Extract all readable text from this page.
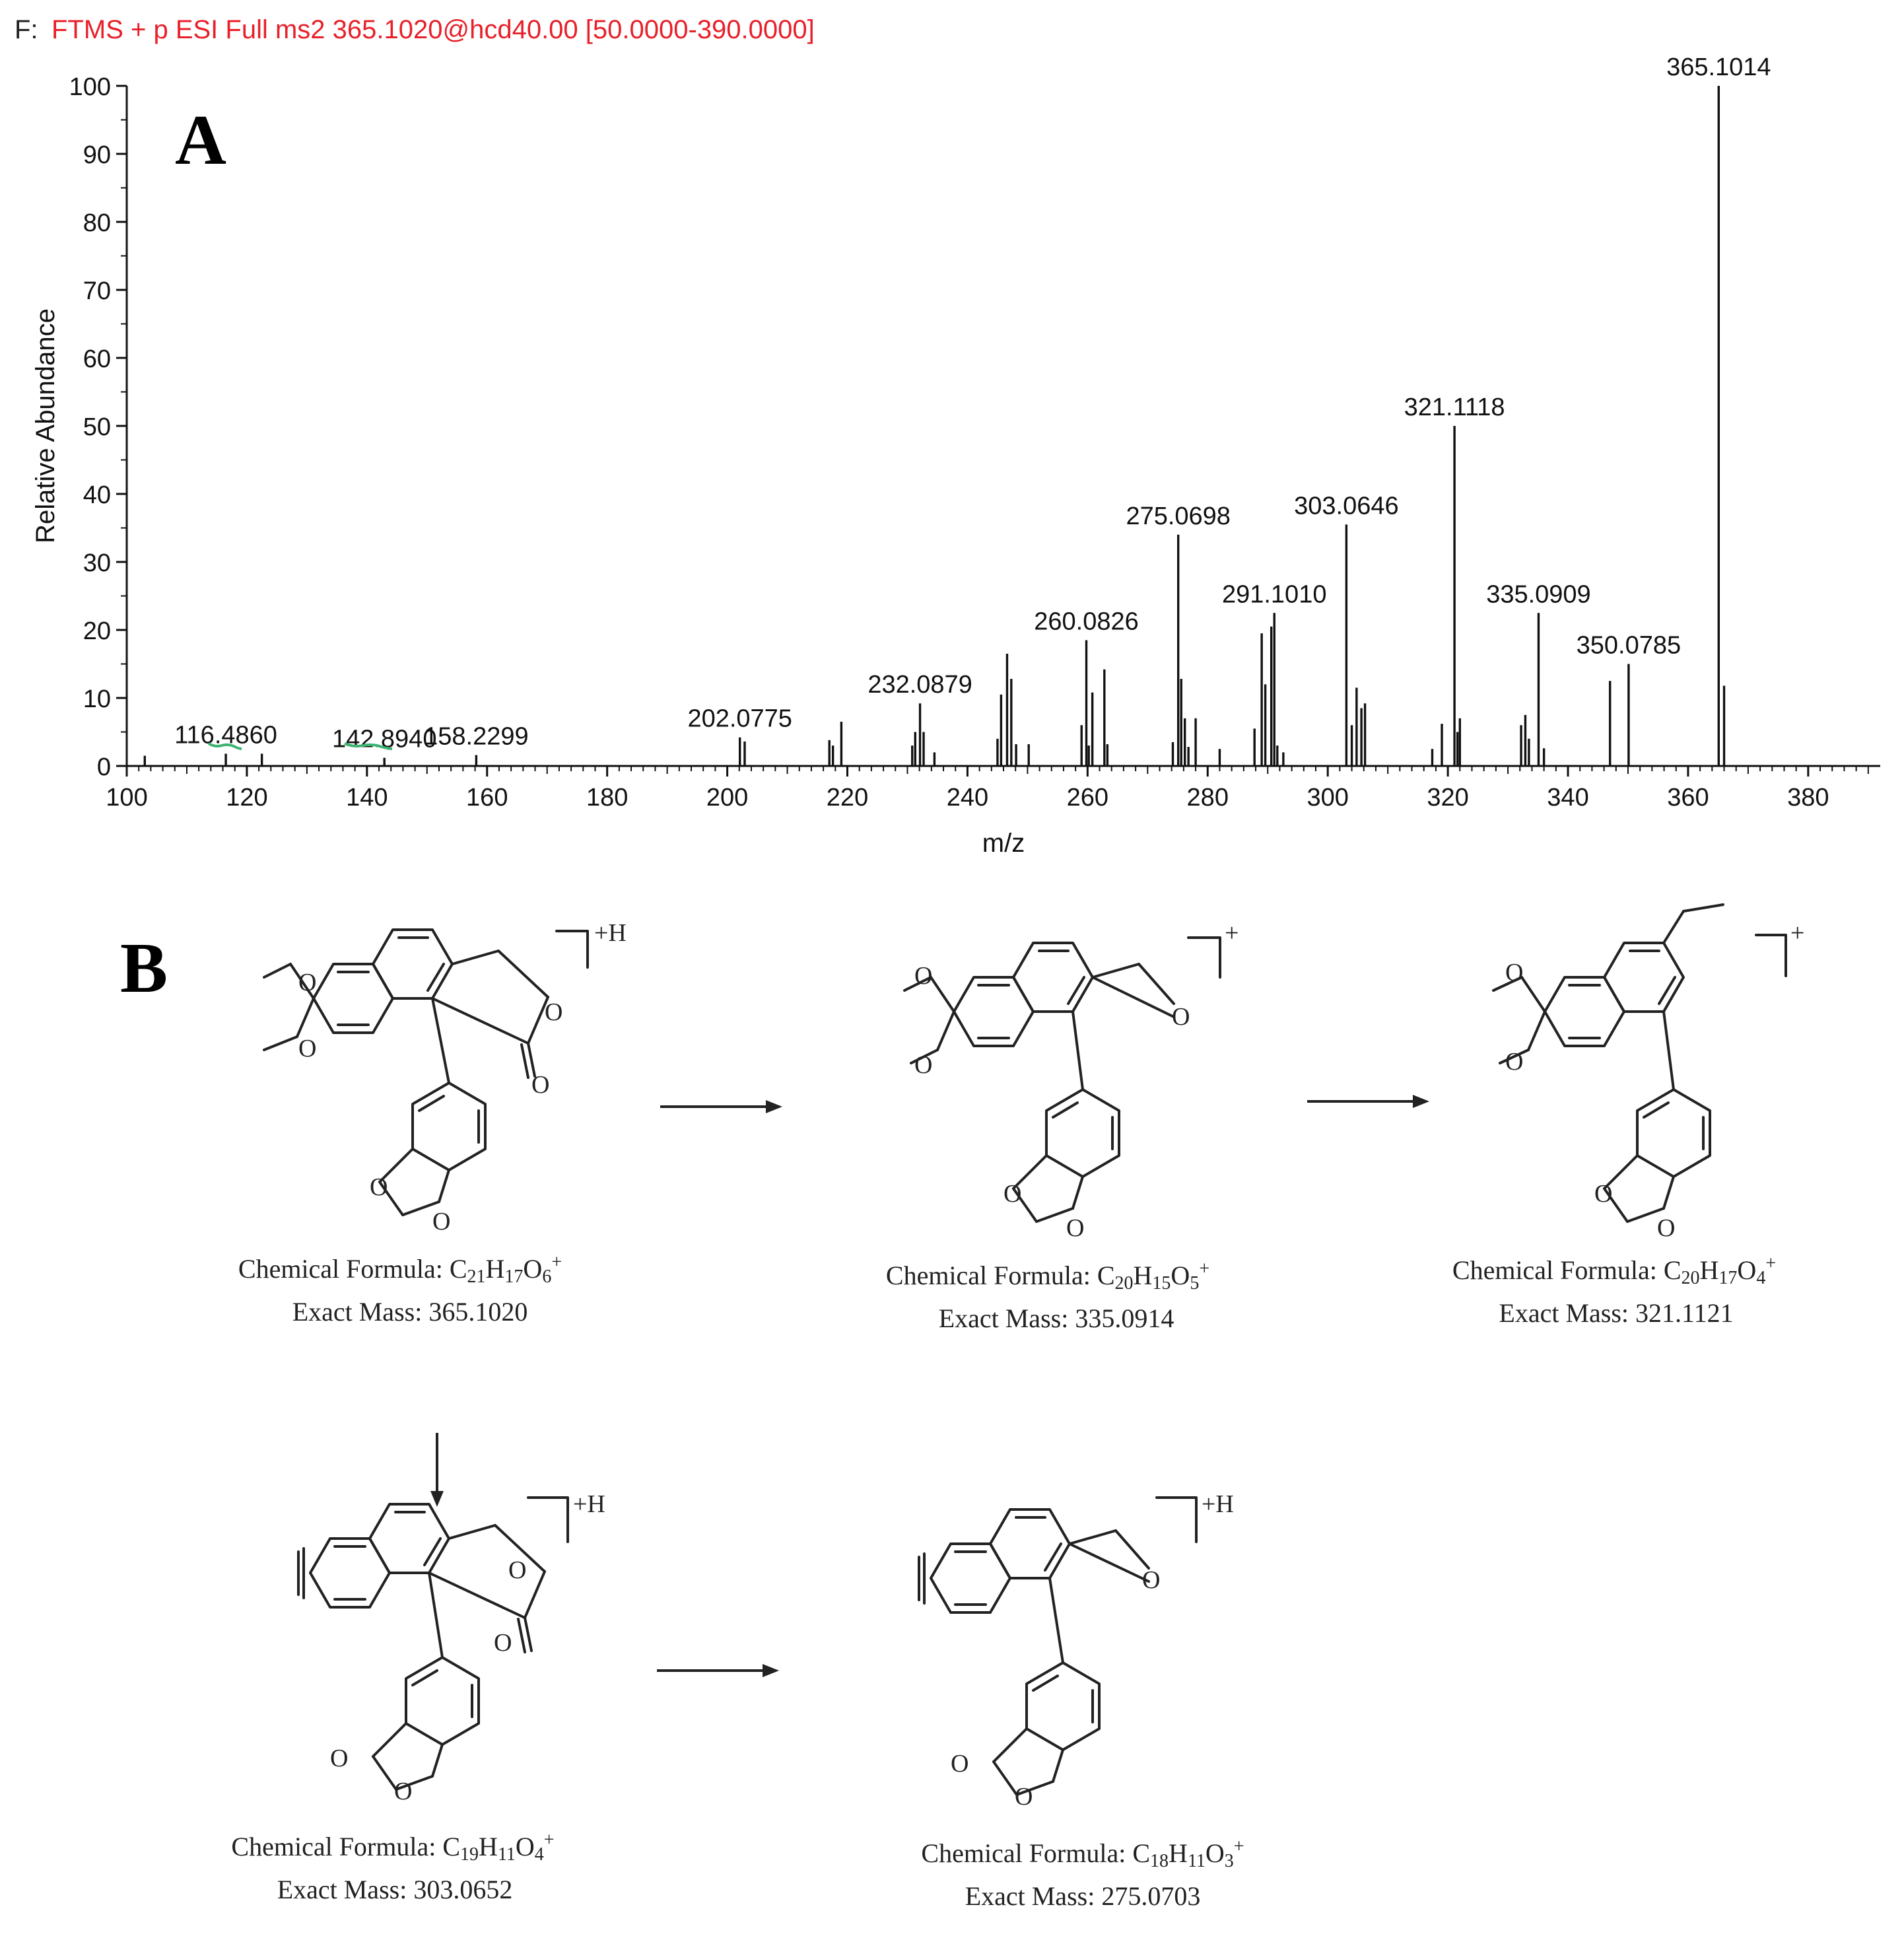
F: FTMS + p ESI Full ms2 365.1020@hcd40.00 [50.0000-390.0000]
A
B
0
10
20
30
40
50
60
70
80
90
100
100	120	140	160	180	200	220	240	260	280	300	320	340	360	380
116.4860 142.8940
158.2299
202.0775
232.0879
260.0826
275.0698
291.1010
303.0646
321.1118
335.0909
350.0785
365.1014
m/z
Relative Abundance
O
O
O
O
O
O
+H
O
O
O
O
O
+
O
O
O
O
+
O
O
O
O
+H
O
O
O
+H
Chemical Formula: C21H17O6+
Exact Mass: 365.1020
Chemical Formula: C20H15O5+
Exact Mass: 335.0914
Chemical Formula: C20H17O4+
Exact Mass: 321.1121
Chemical Formula: C19H11O4+
Exact Mass: 303.0652
Chemical Formula: C18H11O3+
Exact Mass: 275.0703
